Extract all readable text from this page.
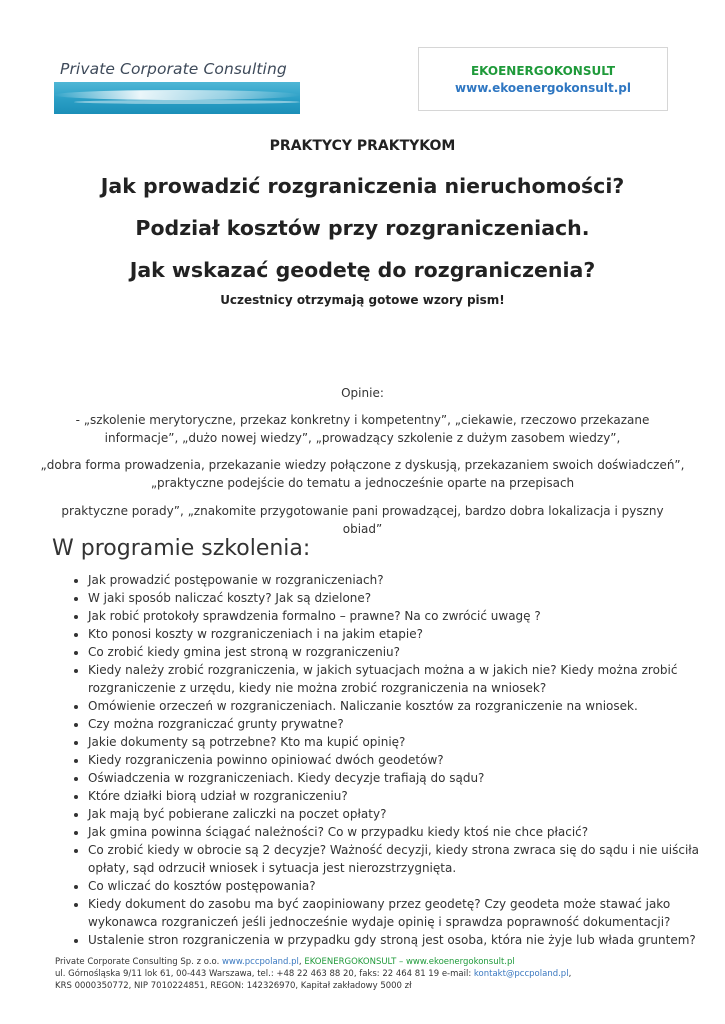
Private Corporate Consulting	EKOENERGOKONSULT
www.ekoenergokonsult.pl
PRAKTYCY PRAKTYKOM
Jak prowadzić rozgraniczenia nieruchomości?
Podział kosztów przy rozgraniczeniach.
Jak wskazać geodetę do rozgraniczenia?
Uczestnicy otrzymają gotowe wzory pism!
Opinie:
- „szkolenie merytoryczne, przekaz konkretny i kompetentny”, „ciekawie, rzeczowo przekazane
informacje”, „dużo nowej wiedzy”, „prowadzący szkolenie z dużym zasobem wiedzy”,
„dobra forma prowadzenia, przekazanie wiedzy połączone z dyskusją, przekazaniem swoich doświadczeń”,
„praktyczne podejście do tematu a jednocześnie oparte na przepisach
praktyczne porady”, „znakomite przygotowanie pani prowadzącej, bardzo dobra lokalizacja i pyszny obiad”
W programie szkolenia:
• Jak prowadzić postępowanie w rozgraniczeniach?
• W jaki sposób naliczać koszty? Jak są dzielone?
• Jak robić protokoły sprawdzenia formalno – prawne? Na co zwrócić uwagę ?
• Kto ponosi koszty w rozgraniczeniach i na jakim etapie?
• Co zrobić kiedy gmina jest stroną w rozgraniczeniu?
• Kiedy należy zrobić rozgraniczenia, w jakich sytuacjach można a w jakich nie? Kiedy można zrobić rozgraniczenie z urzędu, kiedy nie można zrobić rozgraniczenia na wniosek?
• Omówienie orzeczeń w rozgraniczeniach. Naliczanie kosztów za rozgraniczenie na wniosek.
• Czy można rozgraniczać grunty prywatne?
• Jakie dokumenty są potrzebne? Kto ma kupić opinię?
• Kiedy rozgraniczenia powinno opiniować dwóch geodetów?
• Oświadczenia w rozgraniczeniach. Kiedy decyzje trafiają do sądu?
• Które działki biorą udział w rozgraniczeniu?
• Jak mają być pobierane zaliczki na poczet opłaty?
• Jak gmina powinna ściągać należności? Co w przypadku kiedy ktoś nie chce płacić?
• Co zrobić kiedy w obrocie są 2 decyzje? Ważność decyzji, kiedy strona zwraca się do sądu i nie uiściła opłaty, sąd odrzucił wniosek i sytuacja jest nierozstrzygnięta.
• Co wliczać do kosztów postępowania?
• Kiedy dokument do zasobu ma być zaopiniowany przez geodetę? Czy geodeta może stawać jako wykonawca rozgraniczeń jeśli jednocześnie wydaje opinię i sprawdza poprawność dokumentacji?
• Ustalenie stron rozgraniczenia w przypadku gdy stroną jest osoba, która nie żyje lub włada gruntem?
Private Corporate Consulting Sp. z o.o. www.pccpoland.pl, EKOENERGOKONSULT – www.ekoenergokonsult.pl
ul. Górnośląska 9/11 lok 61, 00-443 Warszawa, tel.: +48 22 463 88 20, faks: 22 464 81 19 e-mail: kontakt@pccpoland.pl,
KRS 0000350772, NIP 7010224851, REGON: 142326970, Kapitał zakładowy 5000 zł
